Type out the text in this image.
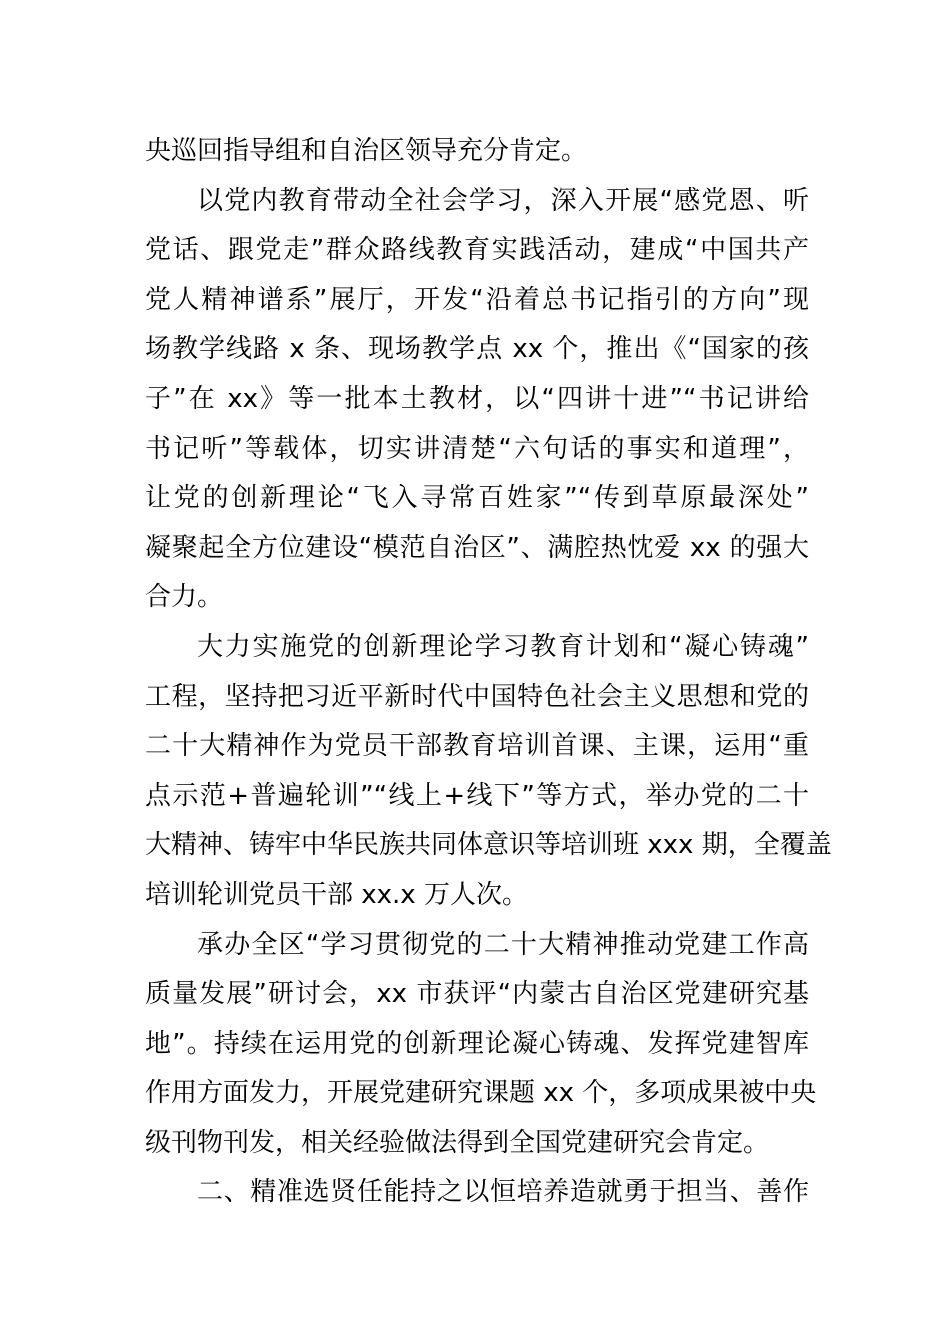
央巡回指导组和自治区领导充分肯定。
以党内教育带动全社会学习，深入开展“感党恩、听
党话、跟党走”群众路线教育实践活动，建成“中国共产
党人精神谱系”展厅，开发“沿着总书记指引的方向”现
场教学线路 x 条、现场教学点 xx 个，推出《“国家的孩
子”在 xx》等一批本土教材，以“四讲十进”“书记讲给
书记听”等载体，切实讲清楚“六句话的事实和道理”，
让党的创新理论“飞入寻常百姓家”“传到草原最深处”
凝聚起全方位建设“模范自治区”、满腔热忱爱 xx 的强大
合力。
大力实施党的创新理论学习教育计划和“凝心铸魂”
工程，坚持把习近平新时代中国特色社会主义思想和党的
二十大精神作为党员干部教育培训首课、主课，运用“重
点示范+普遍轮训”“线上+线下”等方式，举办党的二十
大精神、铸牢中华民族共同体意识等培训班 xxx 期，全覆盖
培训轮训党员干部 xx.x 万人次。
承办全区“学习贯彻党的二十大精神推动党建工作高
质量发展”研讨会，xx 市获评“内蒙古自治区党建研究基
地”。持续在运用党的创新理论凝心铸魂、发挥党建智库
作用方面发力，开展党建研究课题 xx 个，多项成果被中央
级刊物刊发，相关经验做法得到全国党建研究会肯定。
二、精准选贤任能持之以恒培养造就勇于担当、善作
